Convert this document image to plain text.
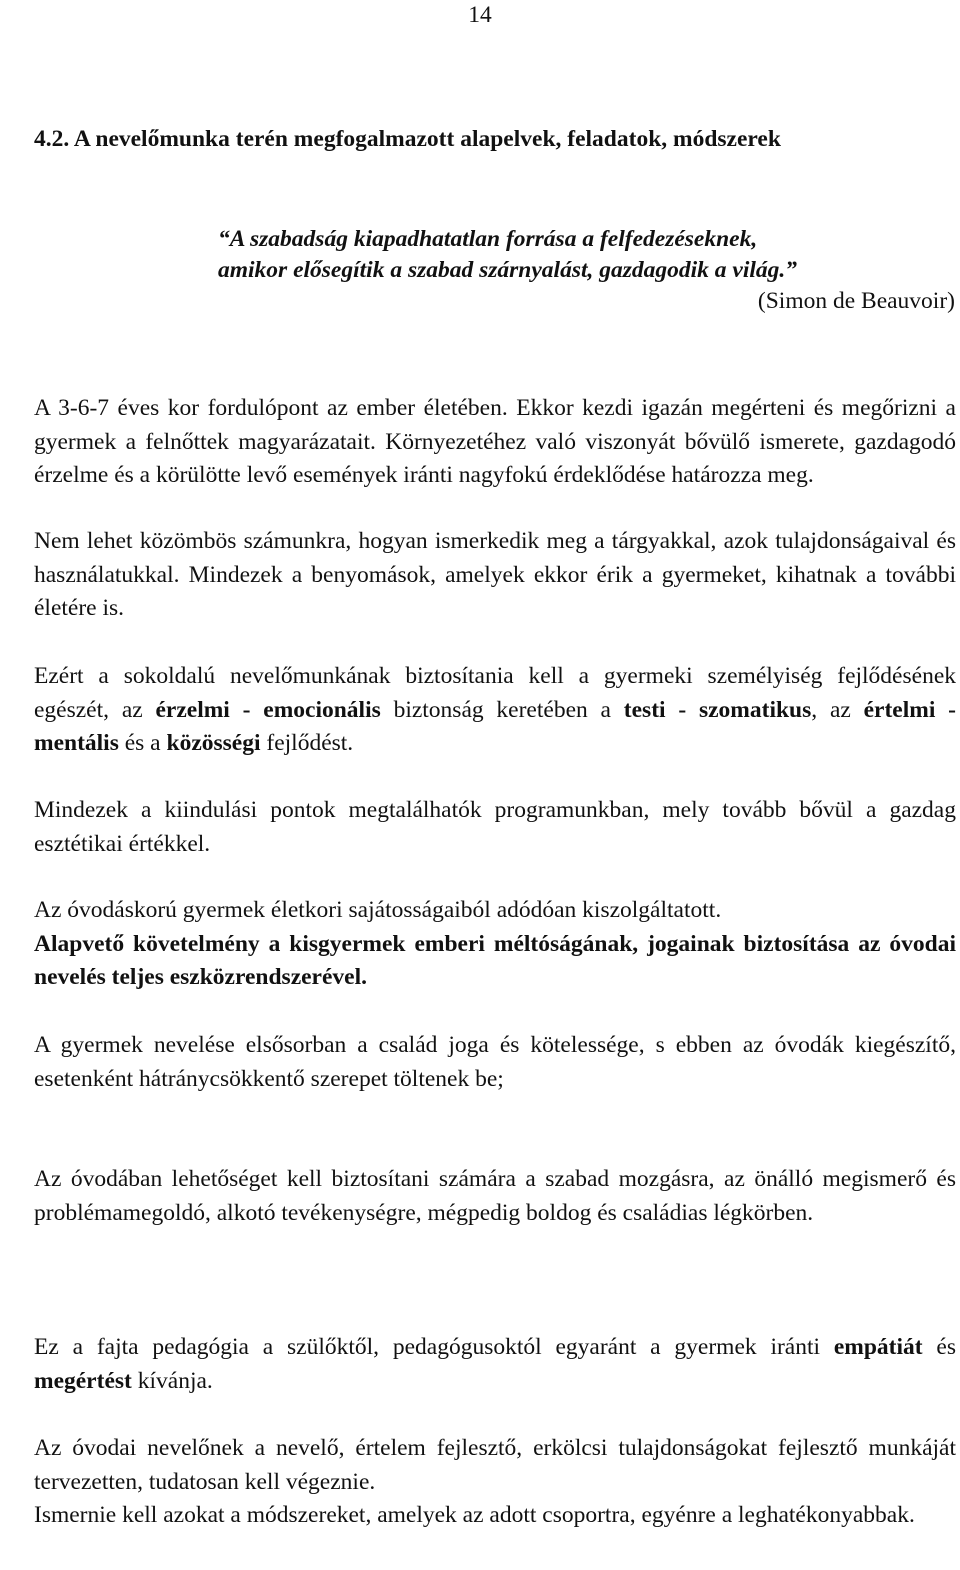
14
4.2. A nevelőmunka terén megfogalmazott alapelvek, feladatok, módszerek
“A szabadság kiapadhatatlan forrása a felfedezéseknek,
amikor elősegítik a szabad szárnyalást, gazdagodik a világ.”
(Simon de Beauvoir)

A 3-6-7 éves kor fordulópont az ember életében. Ekkor kezdi igazán megérteni és megőrizni a gyermek a felnőttek magyarázatait. Környezetéhez való viszonyát bővülő ismerete, gazdagodó érzelme és a körülötte levő események iránti nagyfokú érdeklődése határozza meg.

Nem lehet közömbös számunkra, hogyan ismerkedik meg a tárgyakkal, azok tulajdonságaival és használatukkal. Mindezek a benyomások, amelyek ekkor érik a gyermeket, kihatnak a további életére is.

Ezért a sokoldalú nevelőmunkának biztosítania kell a gyermeki személyiség fejlődésének egészét, az érzelmi - emocionális biztonság keretében a testi - szomatikus, az értelmi - mentális és a közösségi fejlődést.

Mindezek a kiindulási pontok megtalálhatók programunkban, mely tovább bővül a gazdag esztétikai értékkel.

Az óvodáskorú gyermek életkori sajátosságaiból adódóan kiszolgáltatott.
Alapvető követelmény a kisgyermek emberi méltóságának, jogainak biztosítása az óvodai nevelés teljes eszközrendszerével.

A gyermek nevelése elsősorban a család joga és kötelessége, s ebben az óvodák kiegészítő, esetenként hátránycsökkentő szerepet töltenek be;

Az óvodában lehetőséget kell biztosítani számára a szabad mozgásra, az önálló megismerő és problémamegoldó, alkotó tevékenységre, mégpedig boldog és családias légkörben.

Ez a fajta pedagógia a szülőktől, pedagógusoktól egyaránt a gyermek iránti empátiát és megértést kívánja.

Az óvodai nevelőnek a nevelő, értelem fejlesztő, erkölcsi tulajdonságokat fejlesztő munkáját tervezetten, tudatosan kell végeznie.

Ismernie kell azokat a módszereket, amelyek az adott csoportra, egyénre a leghatékonyabbak.
